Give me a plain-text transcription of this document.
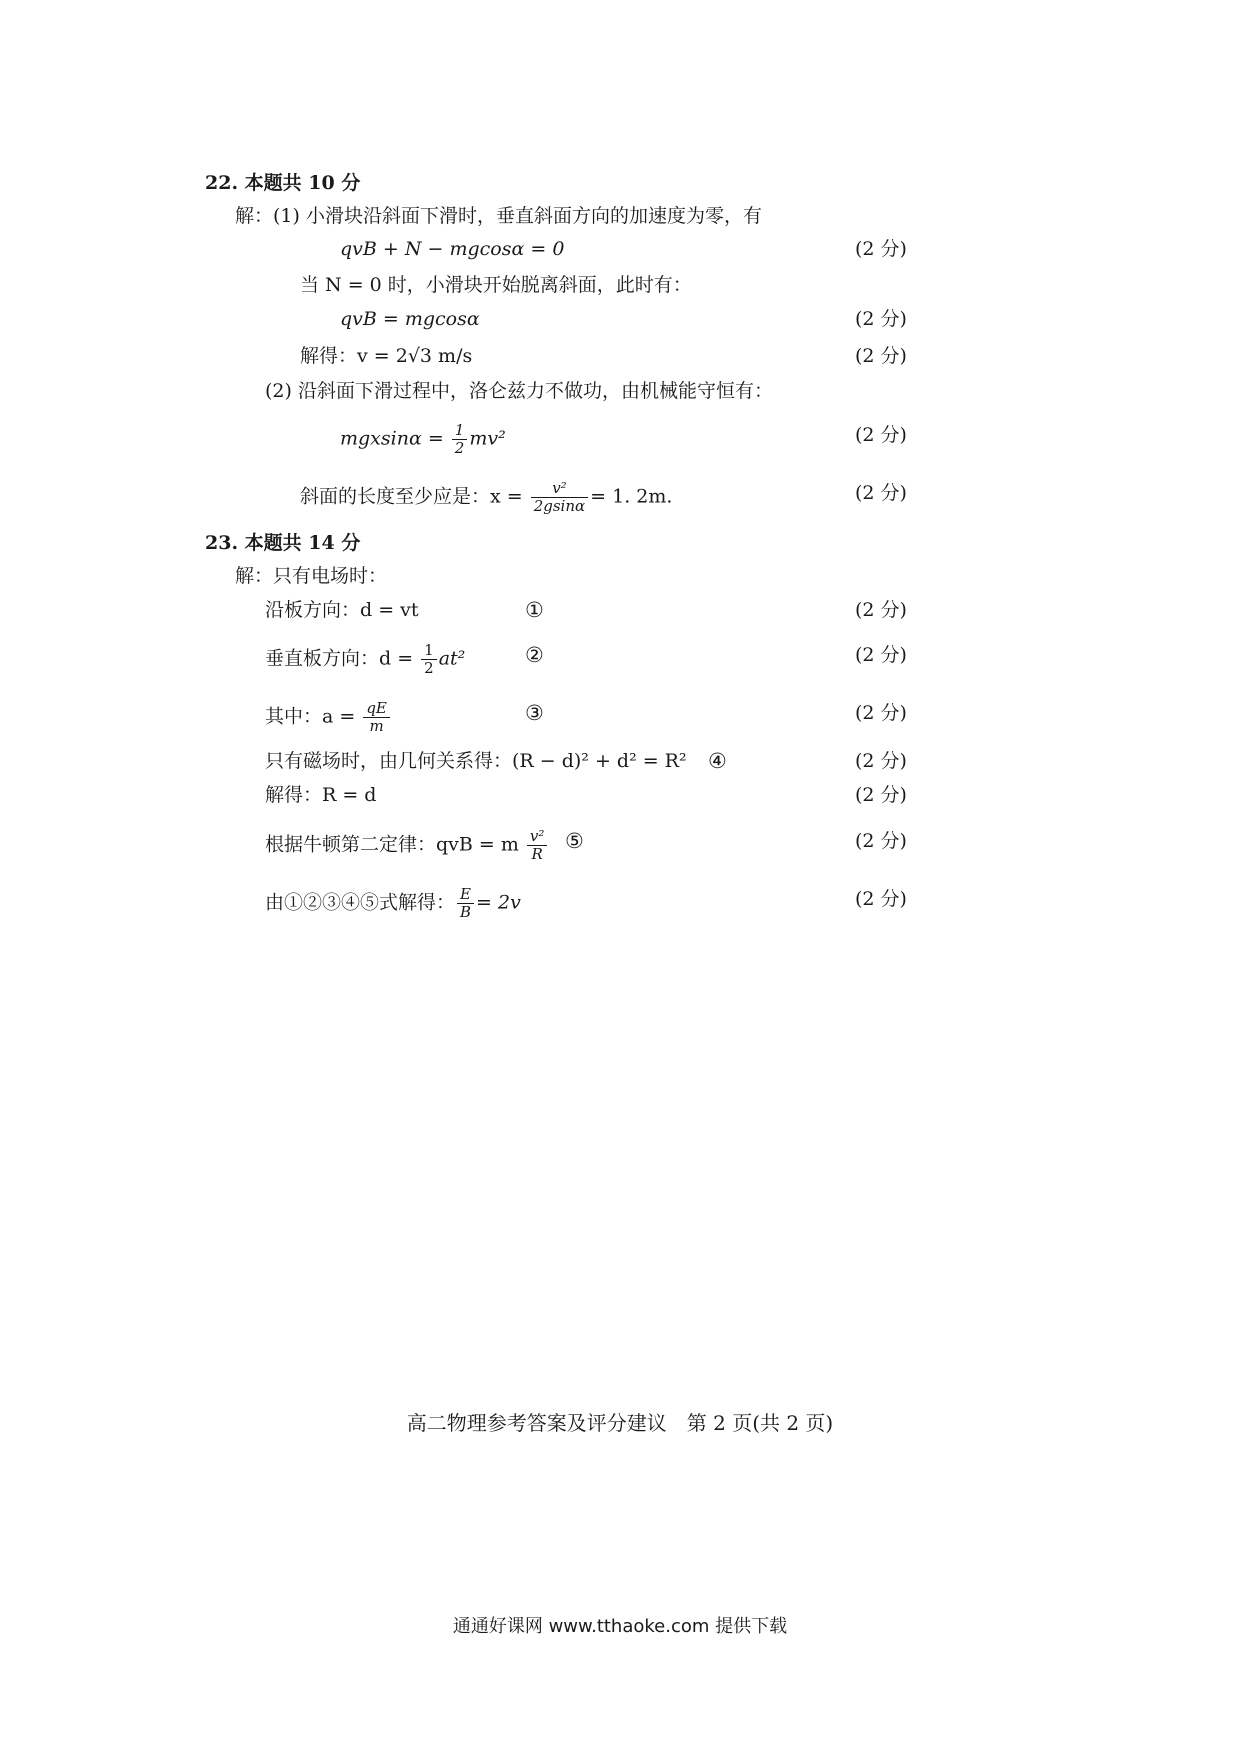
22. 本题共 10 分
解：(1) 小滑块沿斜面下滑时，垂直斜面方向的加速度为零，有
qvB + N − mgcosα = 0	(2 分)
当 N = 0 时，小滑块开始脱离斜面，此时有：
qvB = mgcosα	(2 分)
解得：v = 2√3 m/s	(2 分)
(2) 沿斜面下滑过程中，洛仑兹力不做功，由机械能守恒有：
$mgxsin\alpha = \frac{1}{2} mv^2$	(2 分)
斜面的长度至少应是：$x = \frac{\text{v²}}{2gsin\alpha} = 1$. 2m.	(2 分)
23. 本题共 14 分
解：只有电场时：
沿板方向：d = vt	①	(2 分)
垂直板方向：$d = \frac{1}{2} at^2$	②	(2 分)
其中：$a = \frac{qE}{m}$	③	(2 分)
只有磁场时，由几何关系得：(R − d)² + d² = R² ④	(2 分)
解得：R = d	(2 分)
根据牛顿第二定律：qvB = m $\frac{\text{v²}}{R}$ ⑤	(2 分)
由①②③④⑤式解得： $\frac{E}{B} = 2v$	(2 分)
高二物理参考答案及评分建议　第 2 页(共 2 页)
通通好课网 www.tthaoke.com 提供下载
